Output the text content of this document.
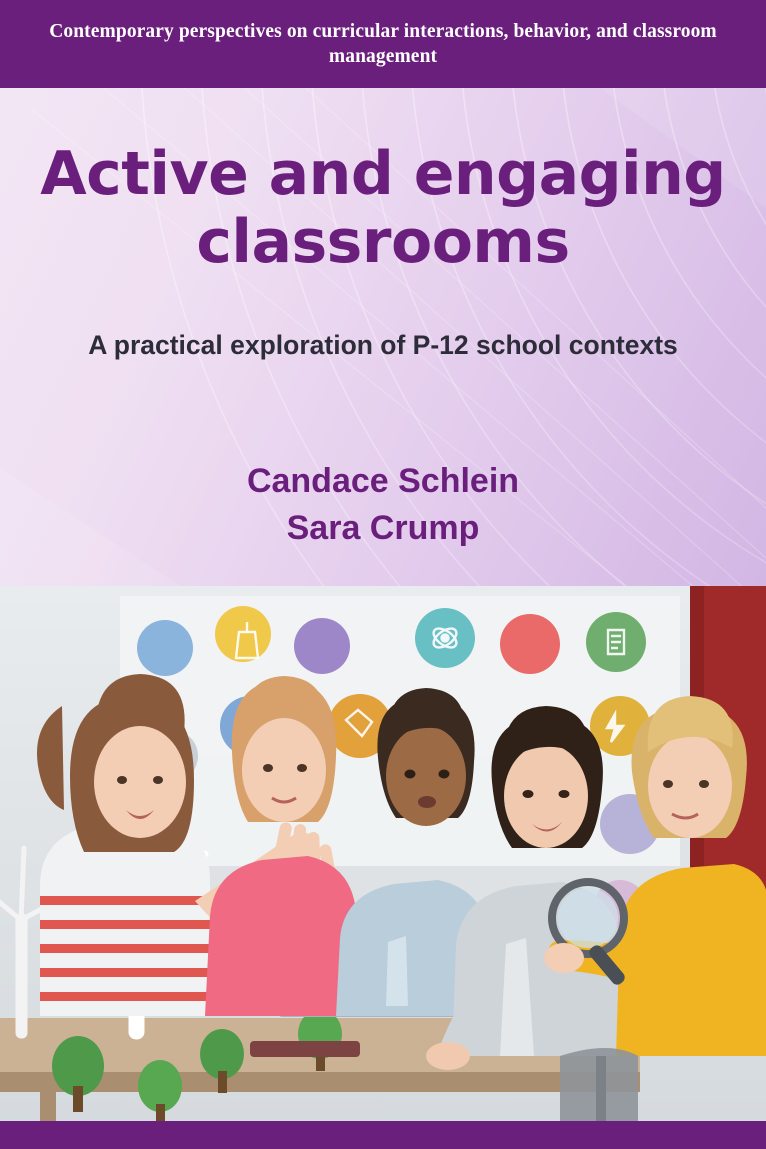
Contemporary perspectives on curricular interactions, behavior, and classroom management
Active and engaging
classrooms
A practical exploration of P-12 school contexts
Candace Schlein
Sara Crump
